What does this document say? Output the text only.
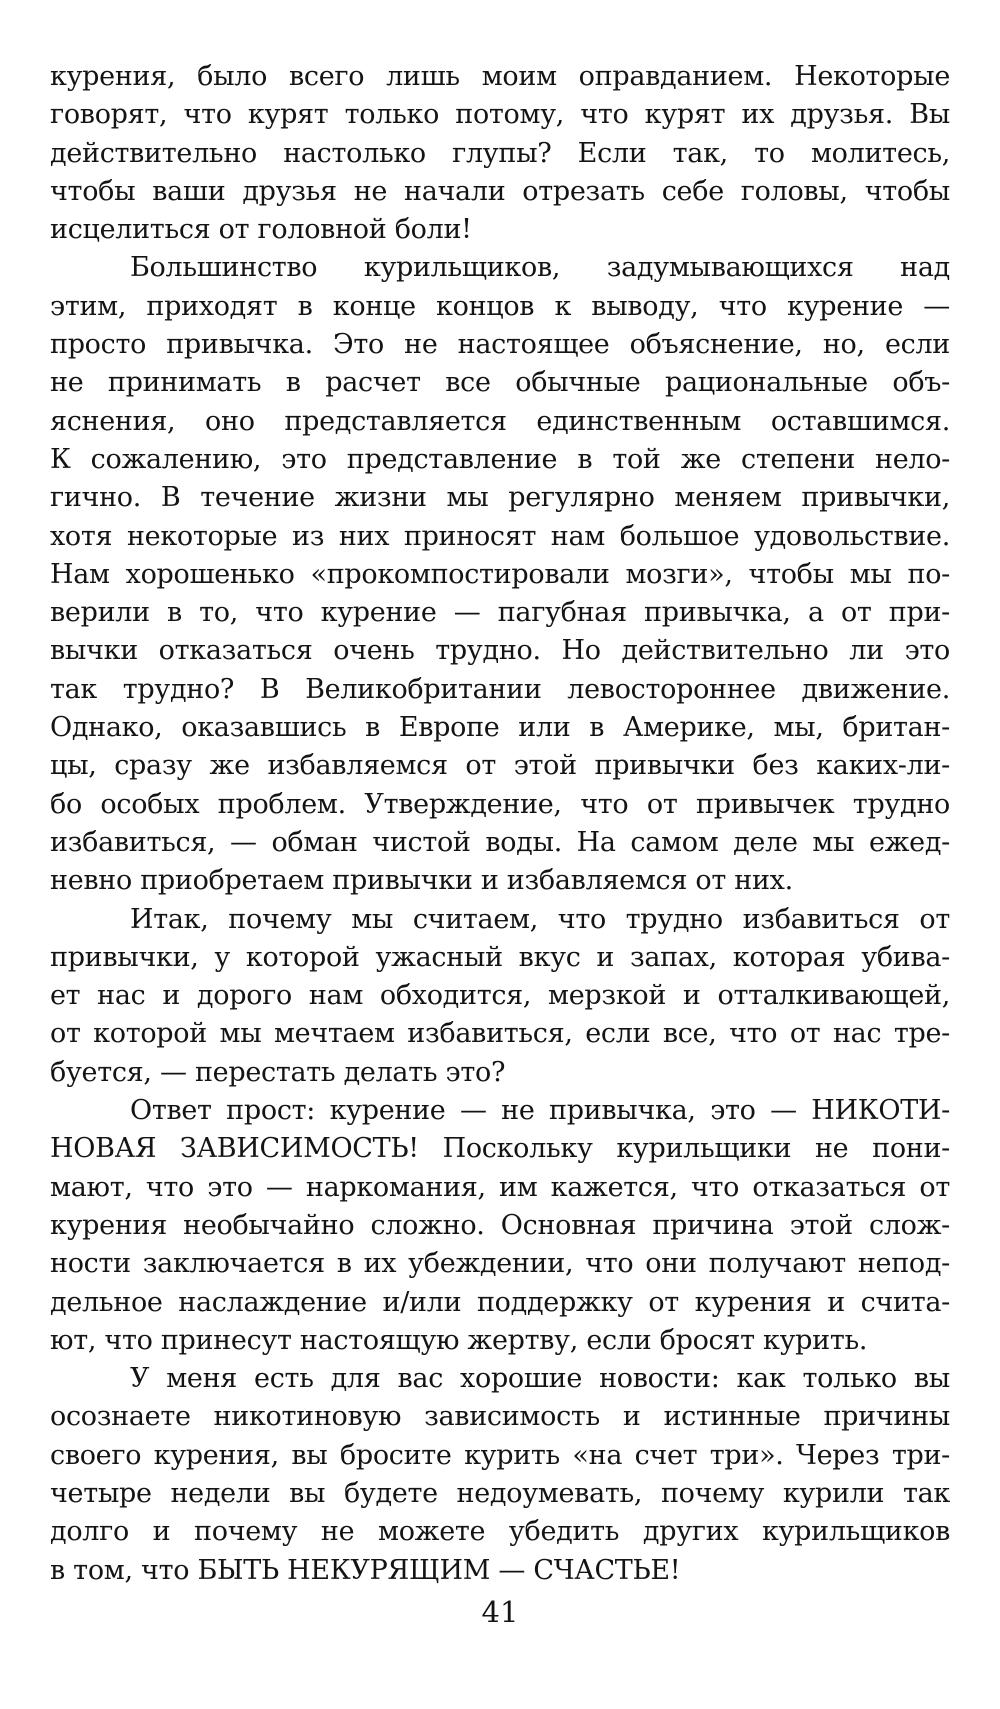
курения, было всего лишь моим оправданием. Некоторые
говорят, что курят только потому, что курят их друзья. Вы
действительно настолько глупы? Если так, то молитесь,
чтобы ваши друзья не начали отрезать себе головы, чтобы
исцелиться от головной боли!
Большинство курильщиков, задумывающихся над
этим, приходят в конце концов к выводу, что курение —
просто привычка. Это не настоящее объяснение, но, если
не принимать в расчет все обычные рациональные объ-
яснения, оно представляется единственным оставшимся.
К сожалению, это представление в той же степени нело-
гично. В течение жизни мы регулярно меняем привычки,
хотя некоторые из них приносят нам большое удовольствие.
Нам хорошенько «прокомпостировали мозги», чтобы мы по-
верили в то, что курение — пагубная привычка, а от при-
вычки отказаться очень трудно. Но действительно ли это
так трудно? В Великобритании левостороннее движение.
Однако, оказавшись в Европе или в Америке, мы, британ-
цы, сразу же избавляемся от этой привычки без каких-ли-
бо особых проблем. Утверждение, что от привычек трудно
избавиться, — обман чистой воды. На самом деле мы ежед-
невно приобретаем привычки и избавляемся от них.
Итак, почему мы считаем, что трудно избавиться от
привычки, у которой ужасный вкус и запах, которая убива-
ет нас и дорого нам обходится, мерзкой и отталкивающей,
от которой мы мечтаем избавиться, если все, что от нас тре-
буется, — перестать делать это?
Ответ прост: курение — не привычка, это — НИКОТИ-
НОВАЯ ЗАВИСИМОСТЬ! Поскольку курильщики не пони-
мают, что это — наркомания, им кажется, что отказаться от
курения необычайно сложно. Основная причина этой слож-
ности заключается в их убеждении, что они получают непод-
дельное наслаждение и/или поддержку от курения и счита-
ют, что принесут настоящую жертву, если бросят курить.
У меня есть для вас хорошие новости: как только вы
осознаете никотиновую зависимость и истинные причины
своего курения, вы бросите курить «на счет три». Через три-
четыре недели вы будете недоумевать, почему курили так
долго и почему не можете убедить других курильщиков
в том, что БЫТЬ НЕКУРЯЩИМ — СЧАСТЬЕ!
41
